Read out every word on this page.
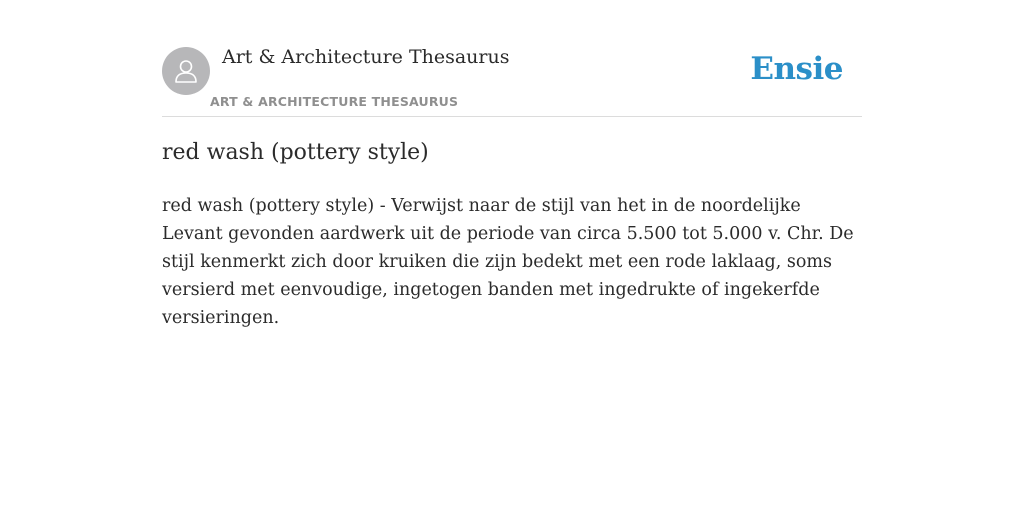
Art & Architecture Thesaurus
ART & ARCHITECTURE THESAURUS
Ensie
red wash (pottery style)

red wash (pottery style) - Verwijst naar de stijl van het in de noordelijke Levant gevonden aardwerk uit de periode van circa 5.500 tot 5.000 v. Chr. De stijl kenmerkt zich door kruiken die zijn bedekt met een rode laklaag, soms versierd met eenvoudige, ingetogen banden met ingedrukte of ingekerfde versieringen.
